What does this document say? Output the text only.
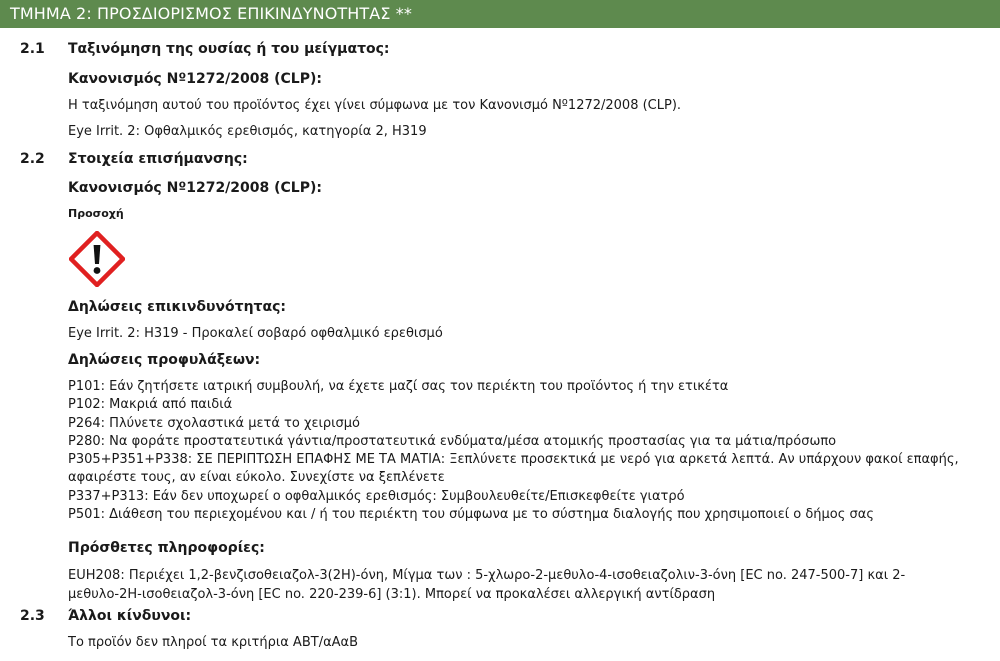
ΤΜΗΜΑ 2: ΠΡΟΣΔΙΟΡΙΣΜΟΣ ΕΠΙΚΙΝΔΥΝΟΤΗΤΑΣ **
2.1 Ταξινόμηση της ουσίας ή του μείγματος:
Κανονισμός Nº1272/2008 (CLP):
Η ταξινόμηση αυτού του προϊόντος έχει γίνει σύμφωνα με τον Κανονισμό Nº1272/2008 (CLP).
Eye Irrit. 2: Οφθαλμικός ερεθισμός, κατηγορία 2, H319
2.2 Στοιχεία επισήμανσης:
Κανονισμός Nº1272/2008 (CLP):
Προσοχή
Δηλώσεις επικινδυνότητας:
Eye Irrit. 2: H319 - Προκαλεί σοβαρό οφθαλμικό ερεθισμό
Δηλώσεις προφυλάξεων:
P101: Εάν ζητήσετε ιατρική συμβουλή, να έχετε μαζί σας τον περιέκτη του προϊόντος ή την ετικέτα
P102: Μακριά από παιδιά
P264: Πλύνετε σχολαστικά μετά το χειρισμό
P280: Να φοράτε προστατευτικά γάντια/προστατευτικά ενδύματα/μέσα ατομικής προστασίας για τα μάτια/πρόσωπο
P305+P351+P338: ΣΕ ΠΕΡΙΠΤΩΣΗ ΕΠΑΦΗΣ ΜΕ ΤΑ ΜΑΤΙΑ: Ξεπλύνετε προσεκτικά με νερό για αρκετά λεπτά. Αν υπάρχουν φακοί επαφής, αφαιρέστε τους, αν είναι εύκολο. Συνεχίστε να ξεπλένετε
P337+P313: Εάν δεν υποχωρεί ο οφθαλμικός ερεθισμός: Συμβουλευθείτε/Επισκεφθείτε γιατρό
P501: Διάθεση του περιεχομένου και / ή του περιέκτη του σύμφωνα με το σύστημα διαλογής που χρησιμοποιεί ο δήμος σας
Πρόσθετες πληροφορίες:
EUH208: Περιέχει 1,2-βενζισοθειαζολ-3(2H)-όνη, Μίγμα των : 5-χλωρο-2-μεθυλο-4-ισοθειαζολιν-3-όνη [EC no. 247-500-7] και 2-μεθυλο-2H-ισοθειαζολ-3-όνη [EC no. 220-239-6] (3:1). Μπορεί να προκαλέσει αλλεργική αντίδραση
2.3 Άλλοι κίνδυνοι:
Το προϊόν δεν πληροί τα κριτήρια ΑΒΤ/αΑαΒ
